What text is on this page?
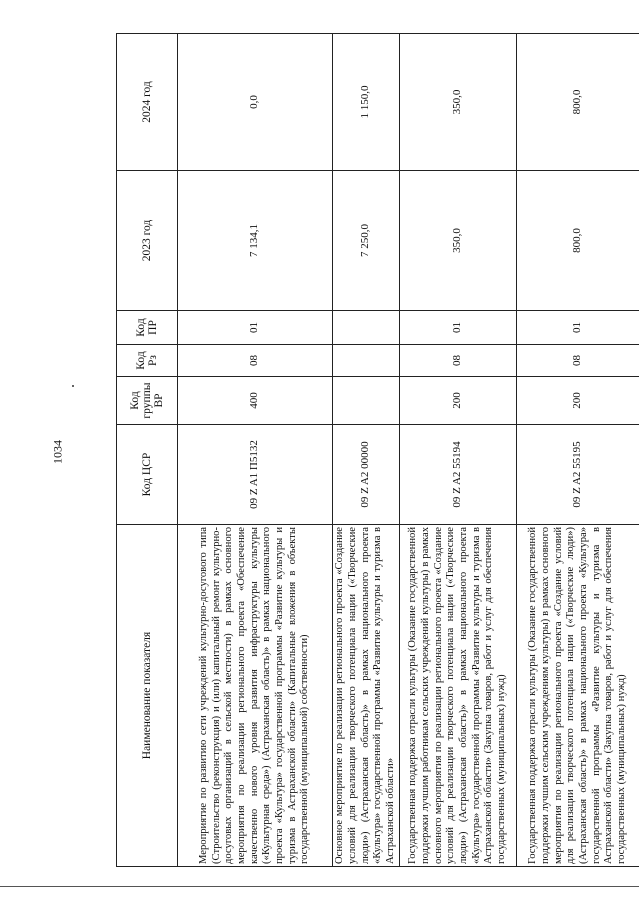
1034
Наименование показателя	Код ЦСР	Код группы ВР	Код Рз	Код ПР	2023 год	2024 год
Мероприятие по развитию сети учреждений культурно-досугового типа (Строительство (реконструкция) и (или) капитальный ремонт культурно-досуговых организаций в сельской местности) в рамках основного мероприятия по реализации регионального проекта «Обеспечение качественно нового уровня развития инфраструктуры культуры («Культурная среда») (Астраханская область)» в рамках национального проекта «Культура» государственной программы «Развитие культуры и туризма в Астраханской области» (Капитальные вложения в объекты государственной (муниципальной) собственности)	09 Z A1 П5132	400	08	01	7 134,1	0,0
Основное мероприятие по реализации регионального проекта «Создание условий для реализации творческого потенциала нации («Творческие люди») (Астраханская область)» в рамках национального проекта «Культура» государственной программы «Развитие культуры и туризма в Астраханской области»	09 Z A2 00000				7 250,0	1 150,0
Государственная поддержка отрасли культуры (Оказание государственной поддержки лучшим работникам сельских учреждений культуры) в рамках основного мероприятия по реализации регионального проекта «Создание условий для реализации творческого потенциала нации («Творческие люди») (Астраханская область)» в рамках национального проекта «Культура» государственной программы «Развитие культуры и туризма в Астраханской области» (Закупка товаров, работ и услуг для обеспечения государственных (муниципальных) нужд)	09 Z A2 55194	200	08	01	350,0	350,0
Государственная поддержка отрасли культуры (Оказание государственной поддержки лучшим сельским учреждениям культуры) в рамках основного мероприятия по реализации регионального проекта «Создание условий для реализации творческого потенциала нации («Творческие люди») (Астраханская область)» в рамках национального проекта «Культура» государственной программы «Развитие культуры и туризма в Астраханской области» (Закупка товаров, работ и услуг для обеспечения государственных (муниципальных) нужд)	09 Z A2 55195	200	08	01	800,0	800,0
